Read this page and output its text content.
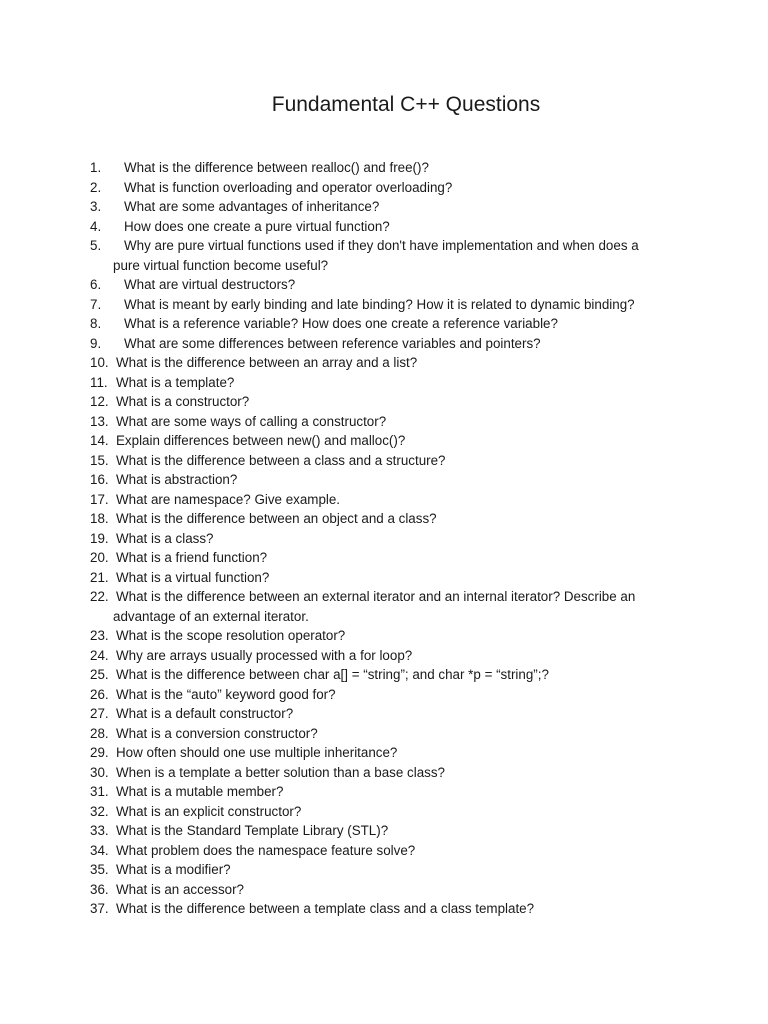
Fundamental C++ Questions
1.	What is the difference between realloc() and free()?
2.	What is function overloading and operator overloading?
3.	What are some advantages of inheritance?
4.	How does one create a pure virtual function?
5.	Why are pure virtual functions used if they don't have implementation and when does a
pure virtual function become useful?
6.	What are virtual destructors?
7.	What is meant by early binding and late binding? How it is related to dynamic binding?
8.	What is a reference variable? How does one create a reference variable?
9.	What are some differences between reference variables and pointers?
10. What is the difference between an array and a list?
11. What is a template?
12. What is a constructor?
13. What are some ways of calling a constructor?
14. Explain differences between new() and malloc()?
15. What is the difference between a class and a structure?
16. What is abstraction?
17. What are namespace? Give example.
18. What is the difference between an object and a class?
19. What is a class?
20. What is a friend function?
21. What is a virtual function?
22. What is the difference between an external iterator and an internal iterator? Describe an
advantage of an external iterator.
23. What is the scope resolution operator?
24. Why are arrays usually processed with a for loop?
25. What is the difference between char a[] = “string”; and char *p = “string”;?
26. What is the “auto” keyword good for?
27. What is a default constructor?
28. What is a conversion constructor?
29. How often should one use multiple inheritance?
30. When is a template a better solution than a base class?
31. What is a mutable member?
32. What is an explicit constructor?
33. What is the Standard Template Library (STL)?
34. What problem does the namespace feature solve?
35. What is a modifier?
36. What is an accessor?
37. What is the difference between a template class and a class template?
